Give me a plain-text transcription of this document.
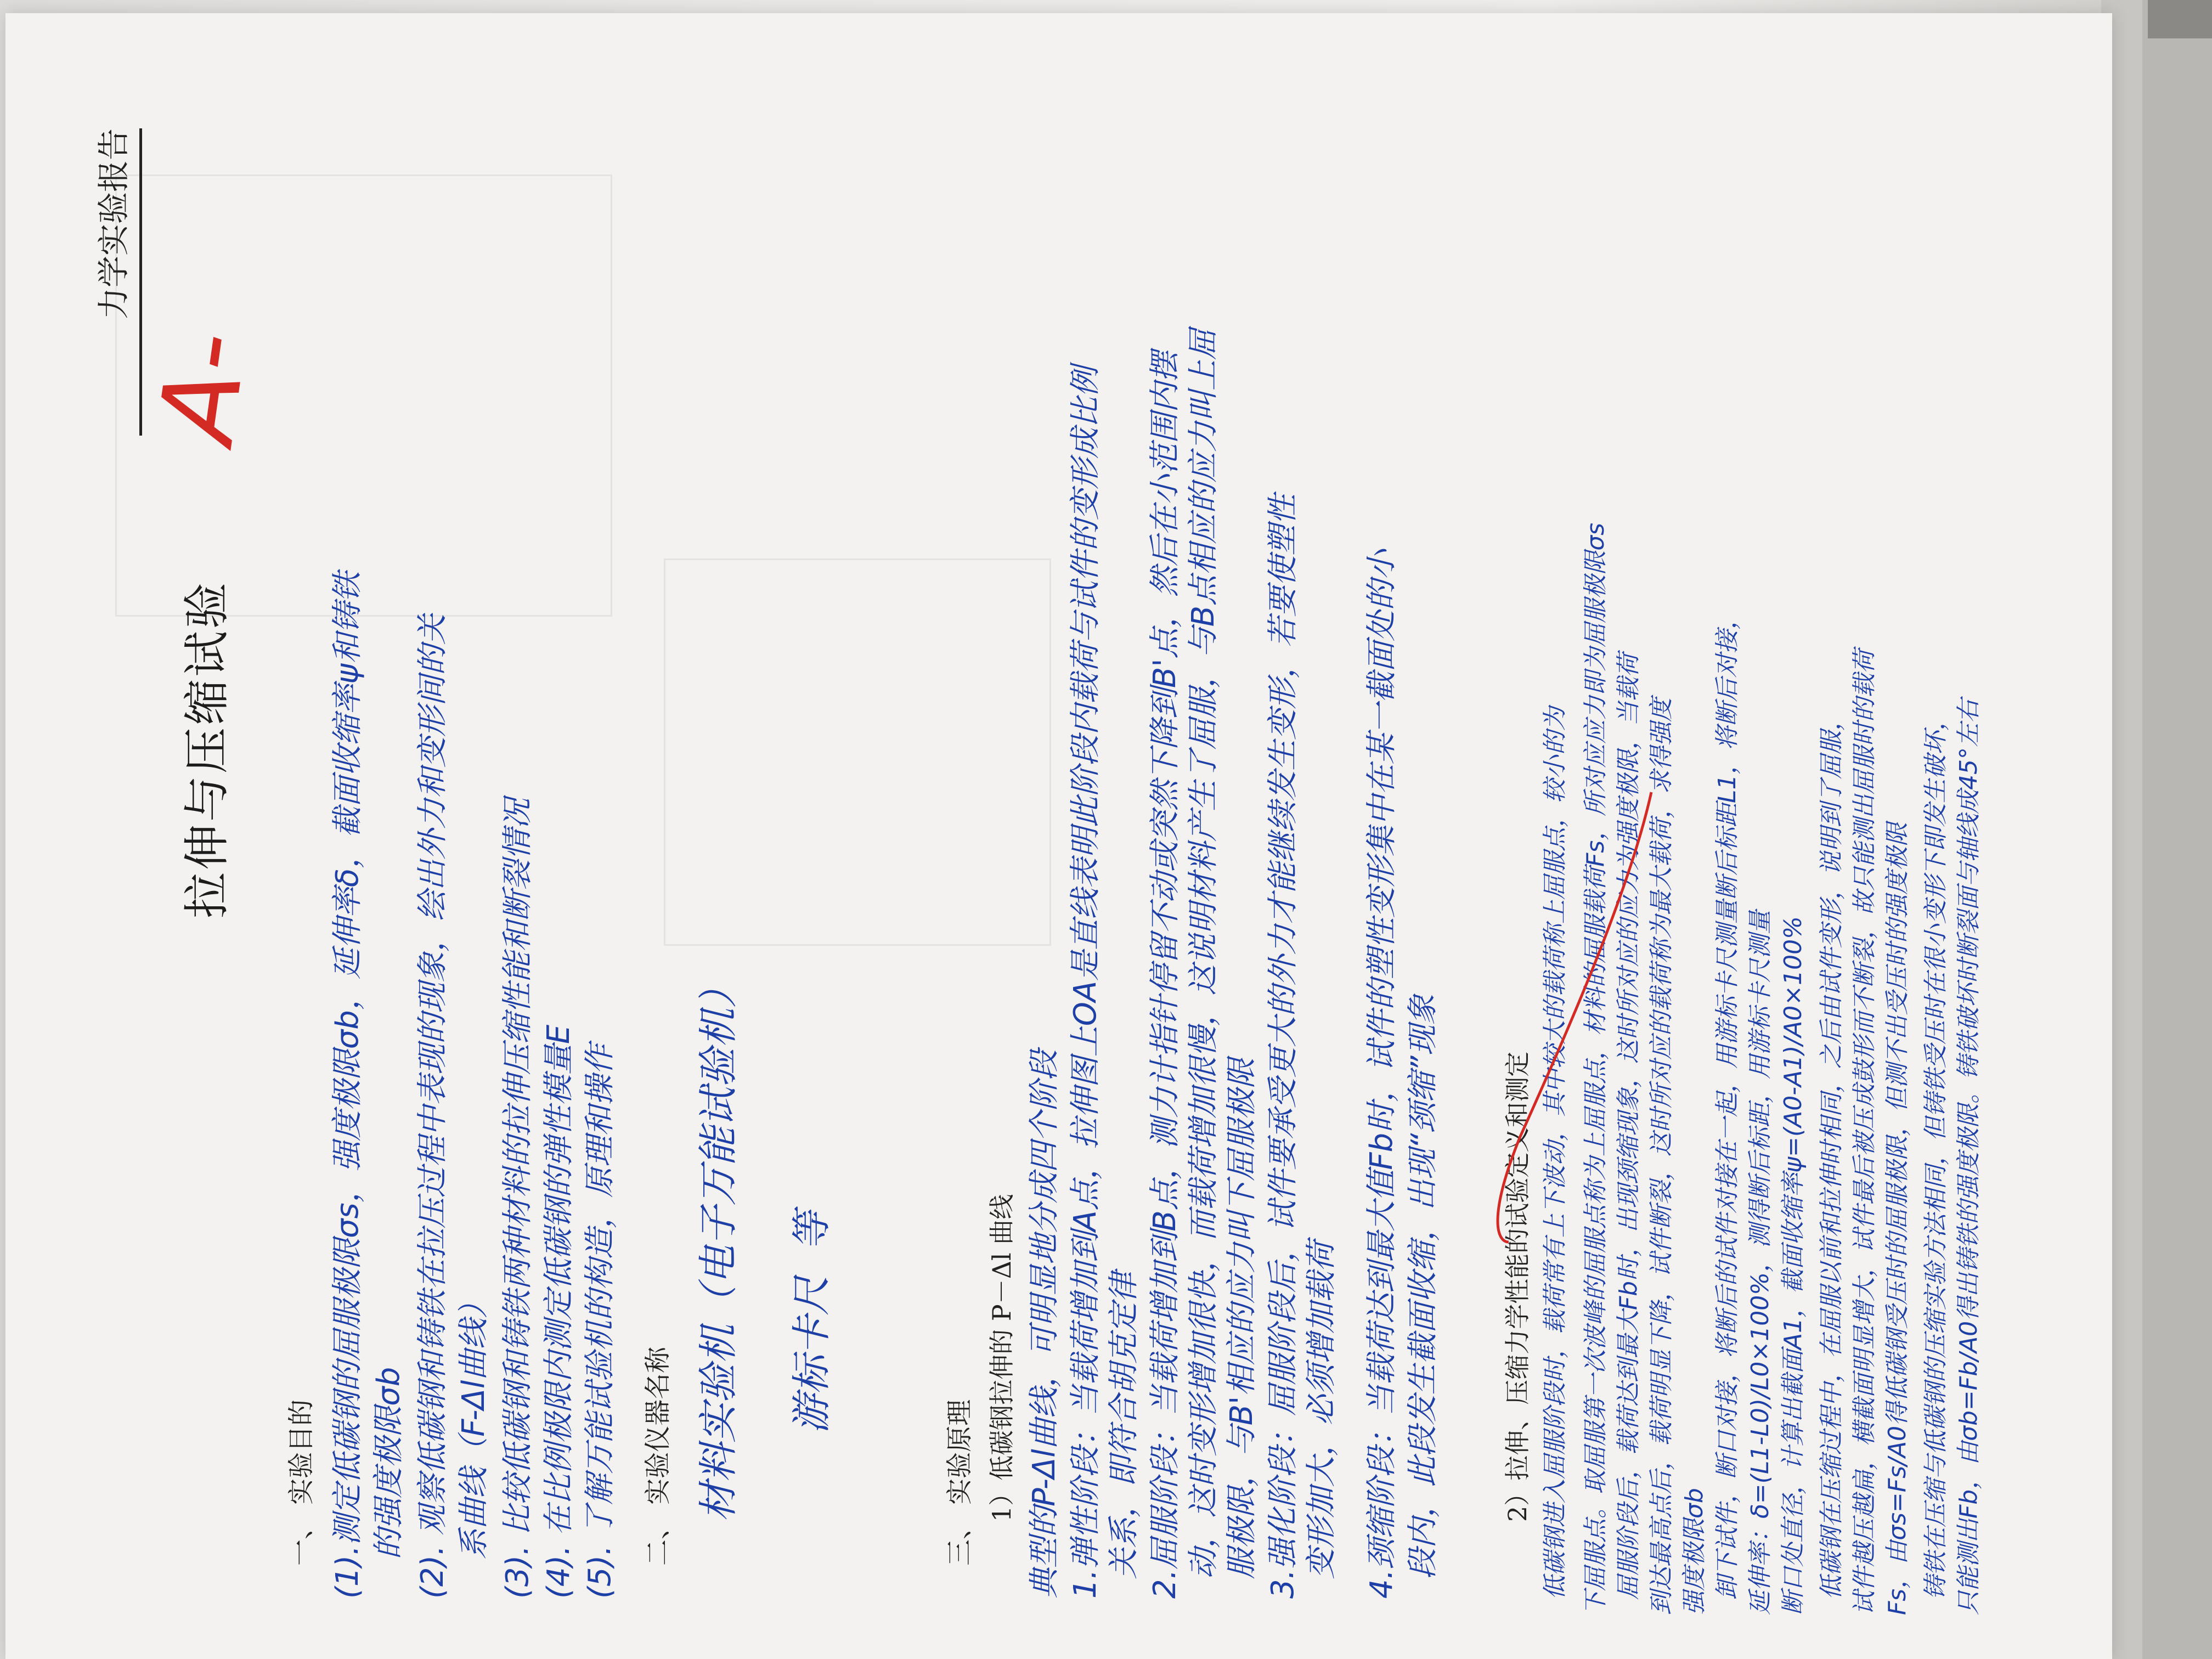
力学实验报告
拉伸与压缩试验
A-
一、 实验目的 (1).测定低碳钢的屈服极限σs，强度极限σb，延伸率δ，截面收缩率ψ和铸铁 的强度极限σb (2). 观察低碳钢和铸铁在拉压过程中表现的现象，绘出外力和变形间的关 系曲线（F-Δl曲线） (3). 比较低碳钢和铸铁两种材料的拉伸压缩性能和断裂情况 (4). 在比例极限内测定低碳钢的弹性模量E (5). 了解万能试验机的构造，原理和操作 二、 实验仪器名称 材料实验机（电子万能试验机） 游标卡尺  等	三、 实验原理 1）低碳钢拉伸的 P－Δl 曲线 典型的P-Δl曲线，可明显地分成四个阶段 1.弹性阶段：当载荷增加到A点，拉伸图上OA是直线表明此阶段内载荷与试件的变形成比例 关系，即符合胡克定律 2.屈服阶段：当载荷增加到B点，测力计指针停留不动或突然下降到B'点，然后在小范围内摆 动，这时变形增加很快，而载荷增加很慢，这说明材料产生了屈服，与B点相应的应力叫上屈 服极限，与B'相应的应力叫下屈服极限 3.强化阶段：屈服阶段后，试件要承受更大的外力才能继续发生变形，若要使塑性 变形加大，必须增加载荷 4.颈缩阶段：当载荷达到最大值Fb时，试件的塑性变形集中在某一截面处的小 段内，此段发生截面收缩，出现“颈缩”现象 2）拉伸、压缩力学性能的试验定义和测定 低碳钢进入屈服阶段时，载荷常有上下波动，其中较大的载荷称上屈服点，较小的为 下屈服点。取屈服第一次波峰的屈服点称为上屈服点，材料的屈服载荷Fs，所对应应力即为屈服极限σs 屈服阶段后，载荷达到最大Fb时，出现颈缩现象，这时所对应的应力为强度极限，当载荷 到达最高点后，载荷明显下降，试件断裂，这时所对应的载荷称为最大载荷，求得强度 强度极限σb 卸下试件，断口对接，将断后的试件对接在一起，用游标卡尺测量断后标距L1，将断后对接， 延伸率：δ=(L1-L0)/L0×100%，测得断后标距，用游标卡尺测量 断口处直径，计算出截面A1，截面收缩率ψ=(A0-A1)/A0×100% 低碳钢在压缩过程中，在屈服以前和拉伸时相同，之后由试件变形，说明到了屈服， 试件越压越扁，横截面明显增大，试件最后被压成鼓形而不断裂，故只能测出屈服时的载荷 Fs，由σs=Fs/A0得低碳钢受压时的屈服极限，但测不出受压时的强度极限 铸铁在压缩与低碳钢的压缩实验方法相同，但铸铁受压时在很小变形下即发生破坏， 只能测出Fb，由σb=Fb/A0得出铸铁的强度极限。铸铁破坏时断裂面与轴线成45°左右
